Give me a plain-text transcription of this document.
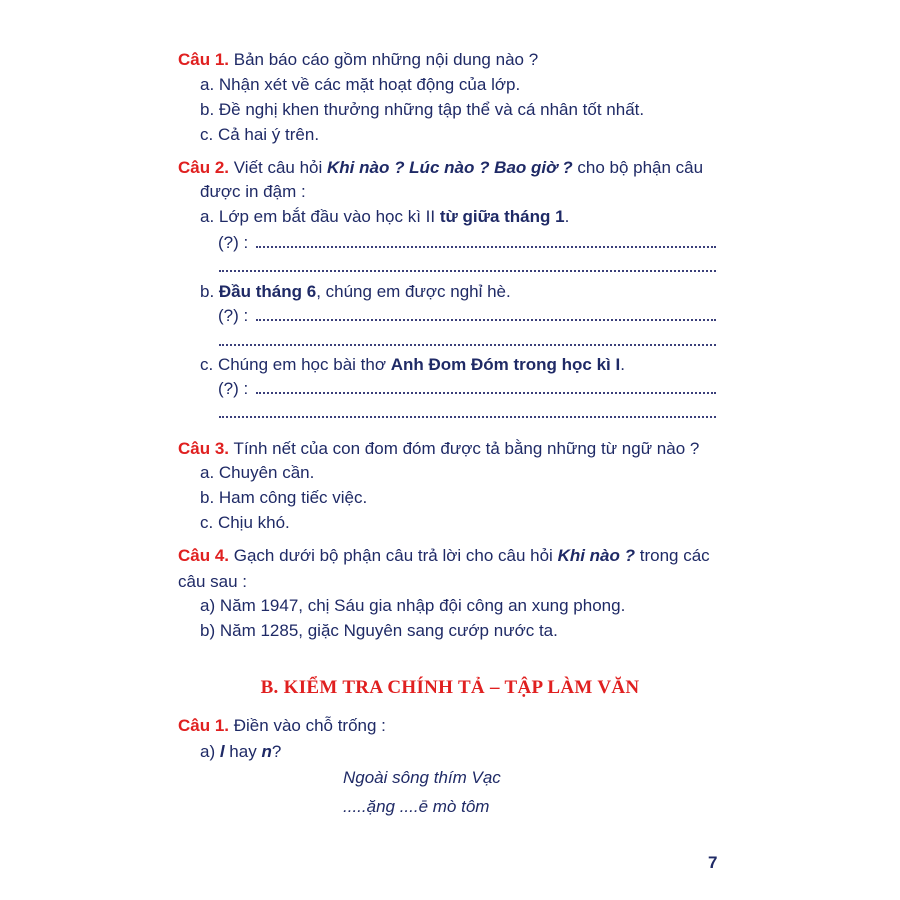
Câu 1. Bản báo cáo gồm những nội dung nào ?
a. Nhận xét về các mặt hoạt động của lớp.
b. Đề nghị khen thưởng những tập thể và cá nhân tốt nhất.
c. Cả hai ý trên.
Câu 2. Viết câu hỏi Khi nào ? Lúc nào ? Bao giờ ? cho bộ phận câu
được in đậm :
a. Lớp em bắt đầu vào học kì II từ giữa tháng 1.
(?) :
b. Đầu tháng 6, chúng em được nghỉ hè.
(?) :
c. Chúng em học bài thơ Anh Đom Đóm trong học kì I.
(?) :
Câu 3. Tính nết của con đom đóm được tả bằng những từ ngữ nào ?
a. Chuyên cần.
b. Ham công tiếc việc.
c. Chịu khó.
Câu 4. Gạch dưới bộ phận câu trả lời cho câu hỏi Khi nào ? trong các
câu sau :
a) Năm 1947, chị Sáu gia nhập đội công an xung phong.
b) Năm 1285, giặc Nguyên sang cướp nước ta.
B. KIỂM TRA CHÍNH TẢ – TẬP LÀM VĂN
Câu 1. Điền vào chỗ trống :
a) l hay n?
Ngoài sông thím Vạc
.....ặng ....ē mò tôm
7
